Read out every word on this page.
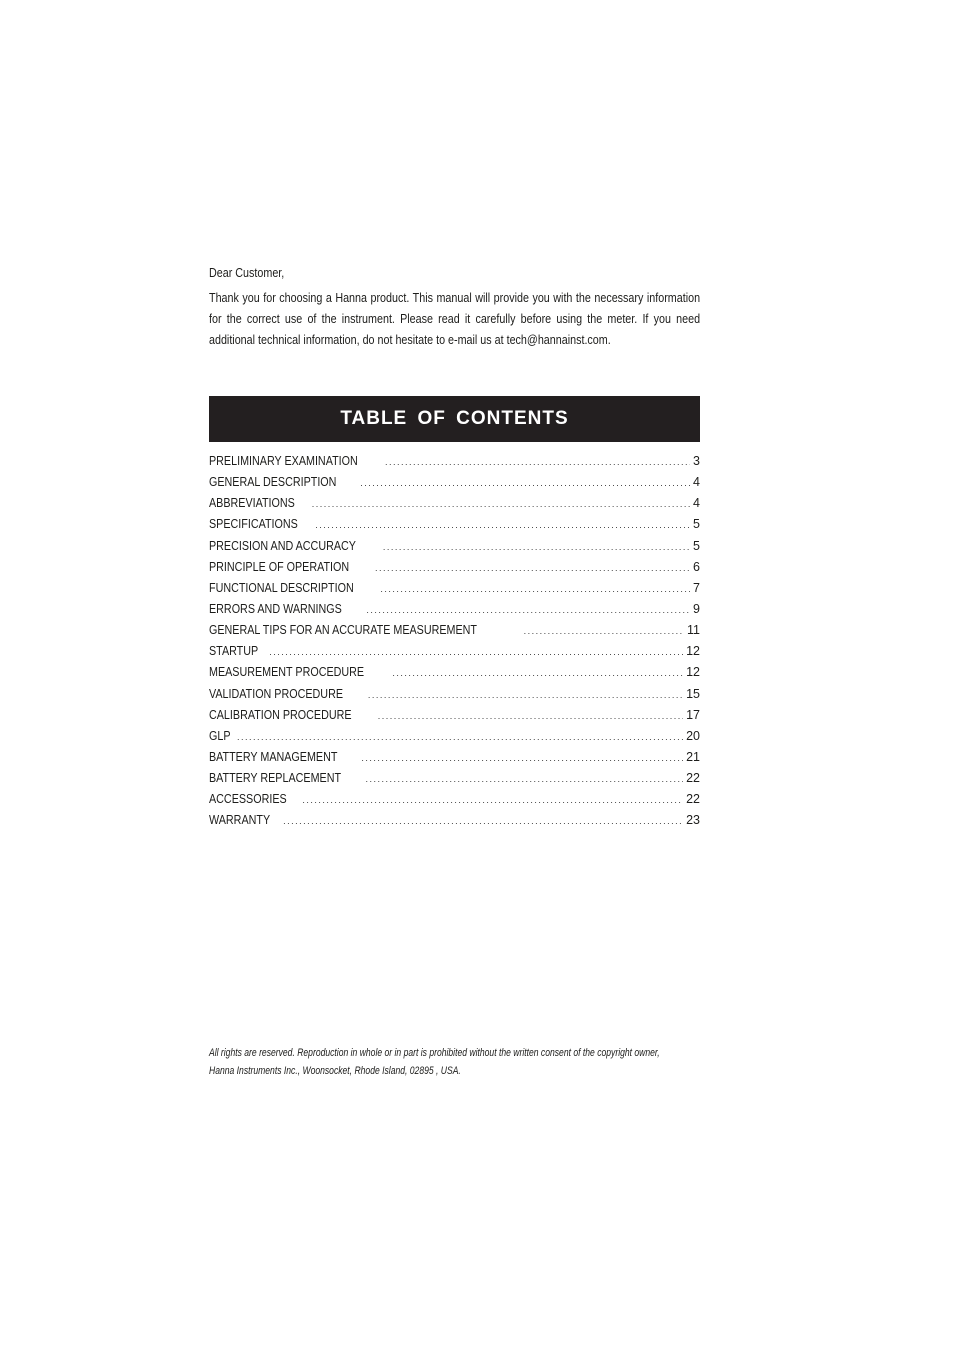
Dear Customer,
Thank you for choosing a Hanna product. This manual will provide you with the necessary information for the correct use of the instrument. Please read it carefully before using the meter. If you need additional technical information, do not hesitate to e-mail us at tech@hannainst.com.
TABLE OF CONTENTS
PRELIMINARY EXAMINATION .....	3
GENERAL DESCRIPTION .....	4
ABBREVIATIONS .....	4
SPECIFICATIONS .....	5
PRECISION AND ACCURACY .....	5
PRINCIPLE OF OPERATION .....	6
FUNCTIONAL DESCRIPTION .....	7
ERRORS AND WARNINGS .....	9
GENERAL TIPS FOR AN ACCURATE MEASUREMENT .....	11
STARTUP .....	12
MEASUREMENT PROCEDURE .....	12
VALIDATION PROCEDURE .....	15
CALIBRATION PROCEDURE .....	17
GLP .....	20
BATTERY MANAGEMENT .....	21
BATTERY REPLACEMENT .....	22
ACCESSORIES .....	22
WARRANTY .....	23
All rights are reserved. Reproduction in whole or in part is prohibited without the written consent of the copyright owner,
Hanna Instruments Inc., Woonsocket, Rhode Island, 02895 , USA.
